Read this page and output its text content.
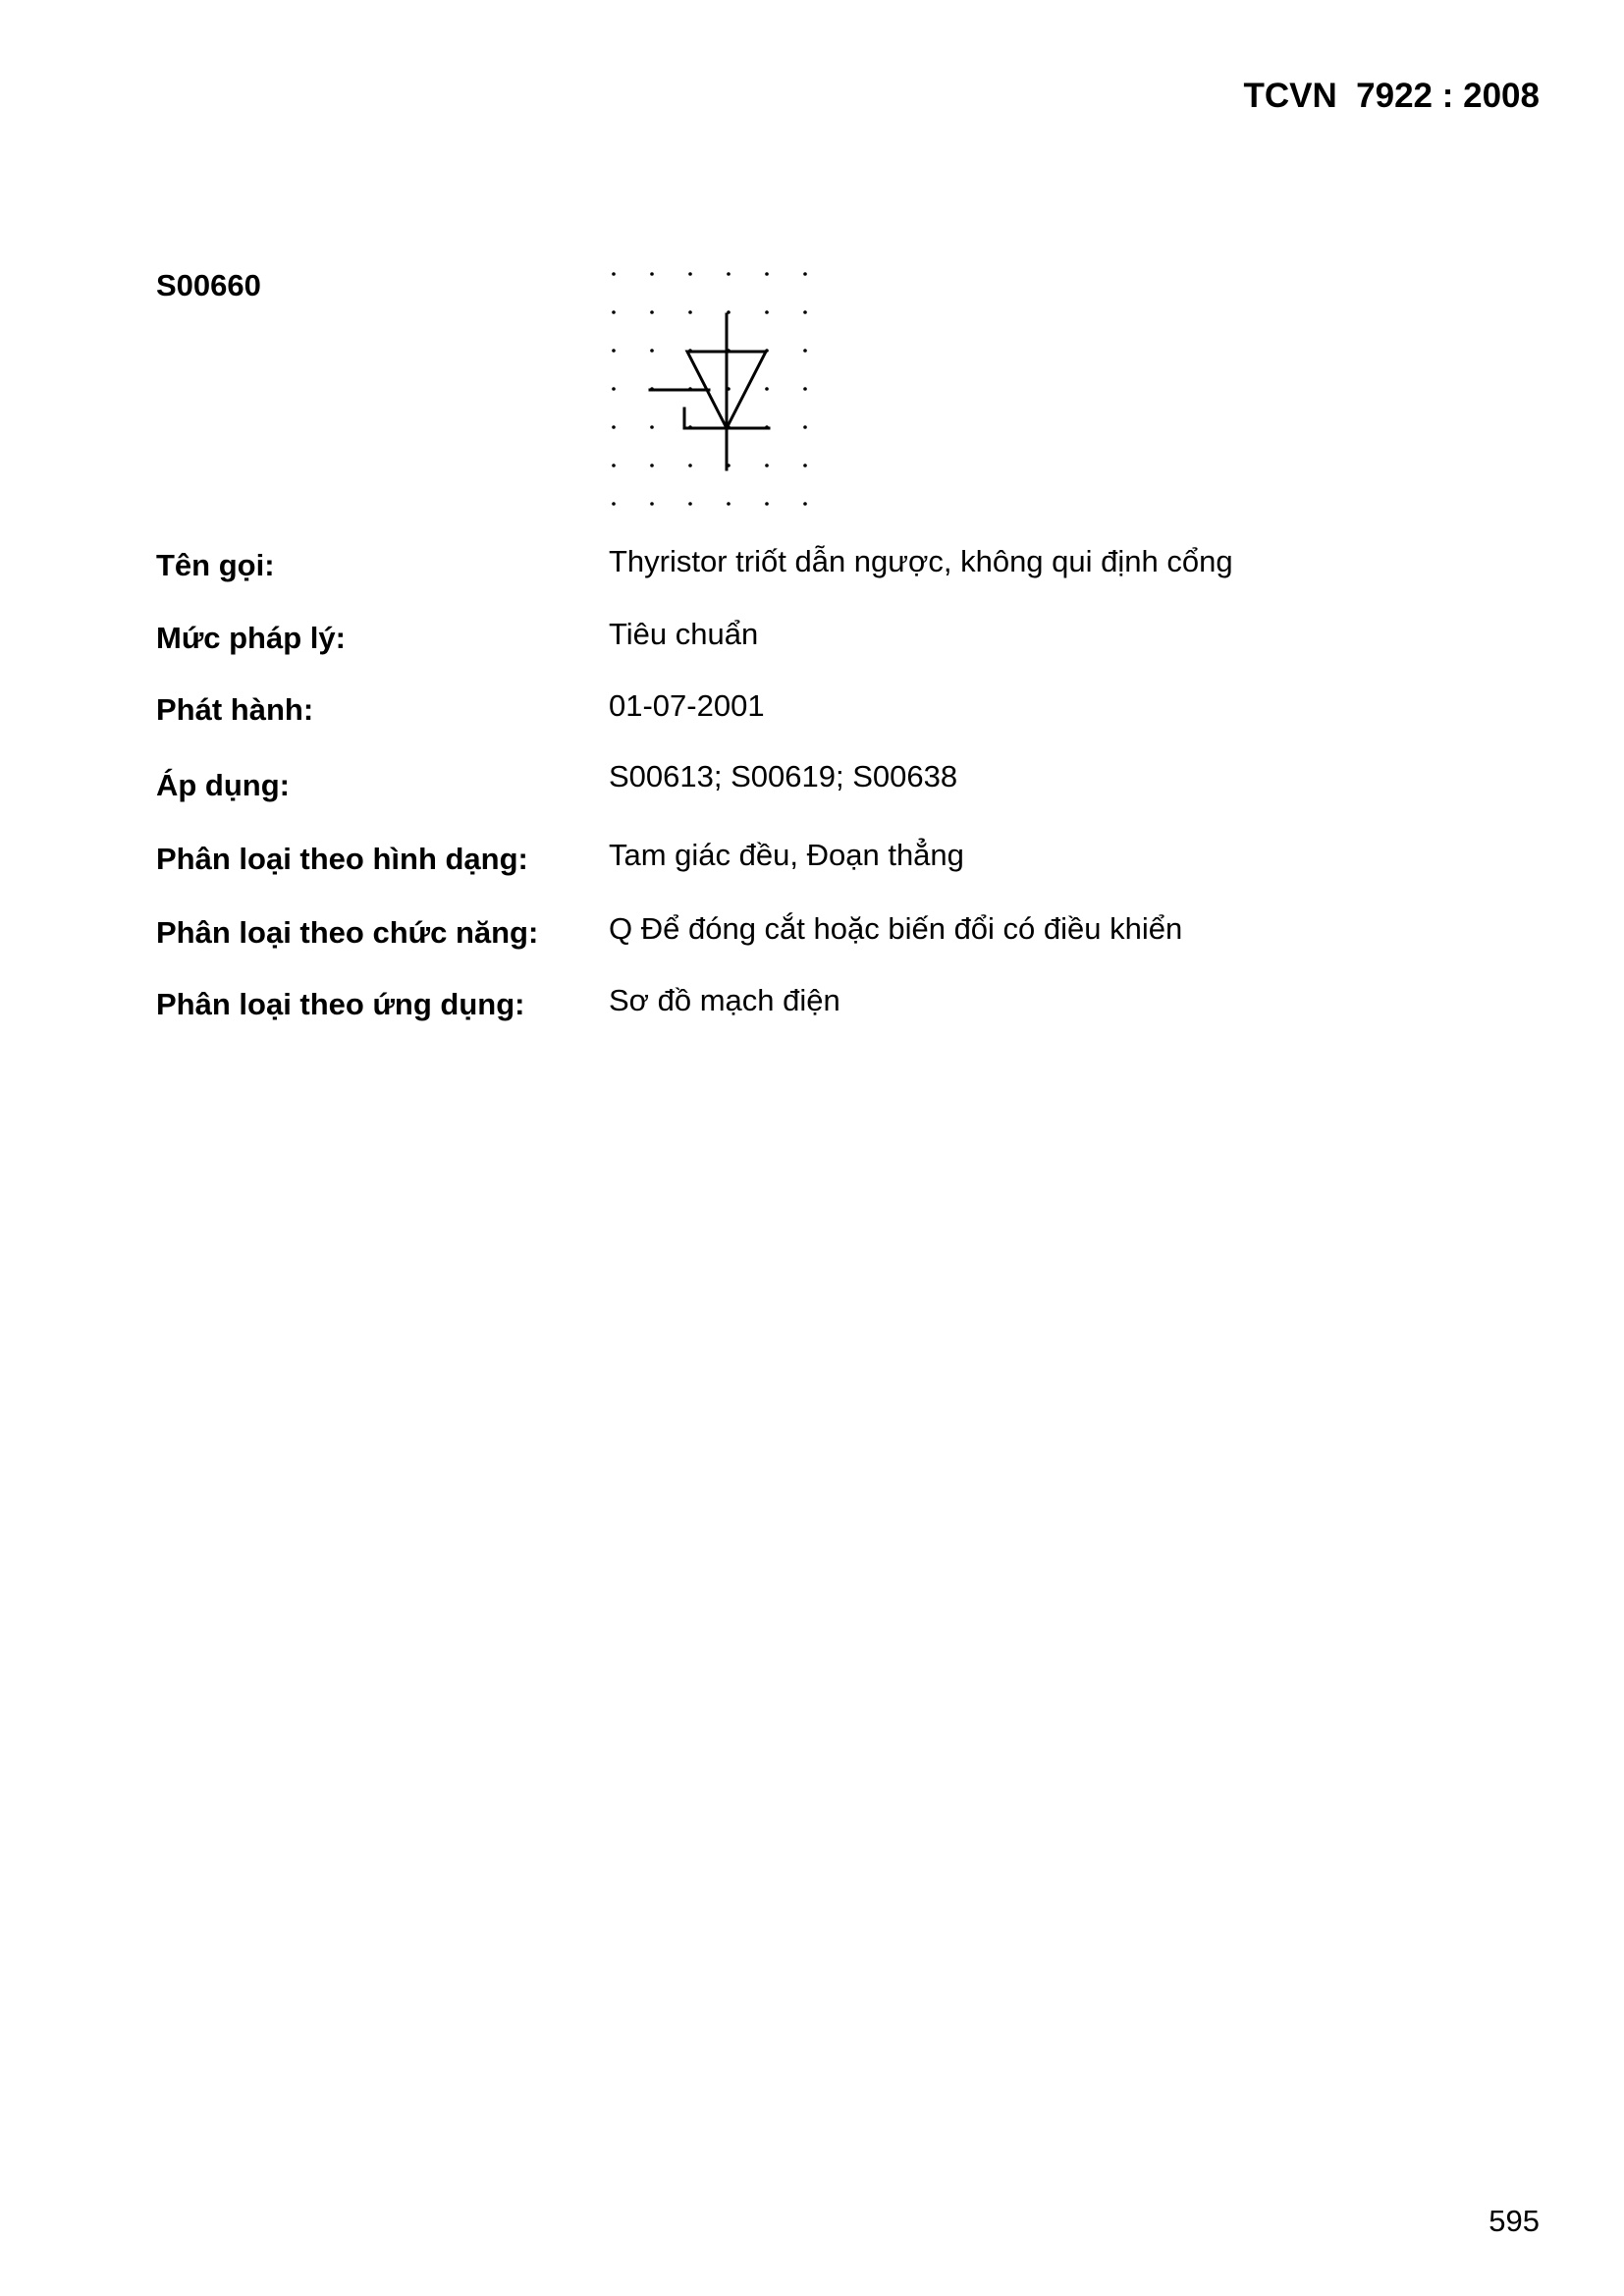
TCVN  7922 : 2008
S00660
Tên gọi:	Thyristor triốt dẫn ngược, không qui định cổng
Mức pháp lý:	Tiêu chuẩn
Phát hành:	01-07-2001
Áp dụng:	S00613; S00619; S00638
Phân loại theo hình dạng:	Tam giác đều, Đoạn thẳng
Phân loại theo chức năng: Q Để đóng cắt hoặc biến đổi có điều khiển
Phân loại theo ứng dụng:	Sơ đồ mạch điện
595
